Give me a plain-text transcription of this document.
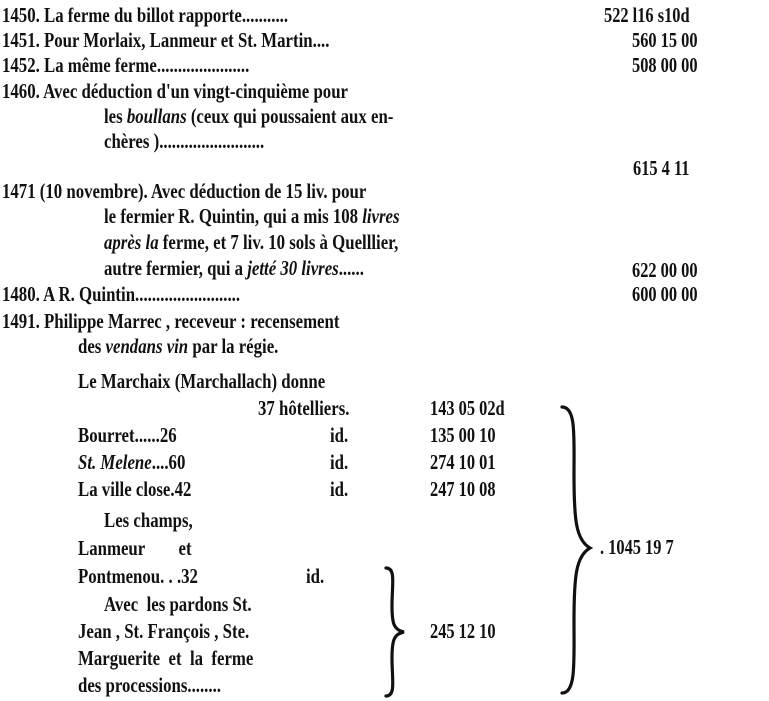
1450. La ferme du billot rapporte...........	522 l16 s10d
1451. Pour Morlaix, Lanmeur et St. Martin....	560 15 00
1452. La même ferme......................	508 00 00
1460. Avec déduction d'un vingt-cinquième pour
les boullans (ceux qui poussaient aux en-
chères ).........................
615 4 11
1471 (10 novembre). Avec déduction de 15 liv. pour
le fermier R. Quintin, qui a mis 108 livres
après la ferme, et 7 liv. 10 sols à Quelllier,
autre fermier, qui a jetté 30 livres......	622 00 00
1480. A R. Quintin.........................	600 00 00
1491. Philippe Marrec , receveur : recensement
des vendans vin par la régie.
Le Marchaix (Marchallach) donne
37 hôtelliers.	143 05 02d
Bourret......26	id.	135 00 10
St. Melene....60	id.	274 10 01
La ville close.42	id.	247 10 08
Les champs,
Lanmeur        et
Pontmenou. . .32	id.
Avec  les pardons St.
Jean , St. François , Ste.
Marguerite  et  la  ferme
des processions........
245 12 10
. 1045 19 7
